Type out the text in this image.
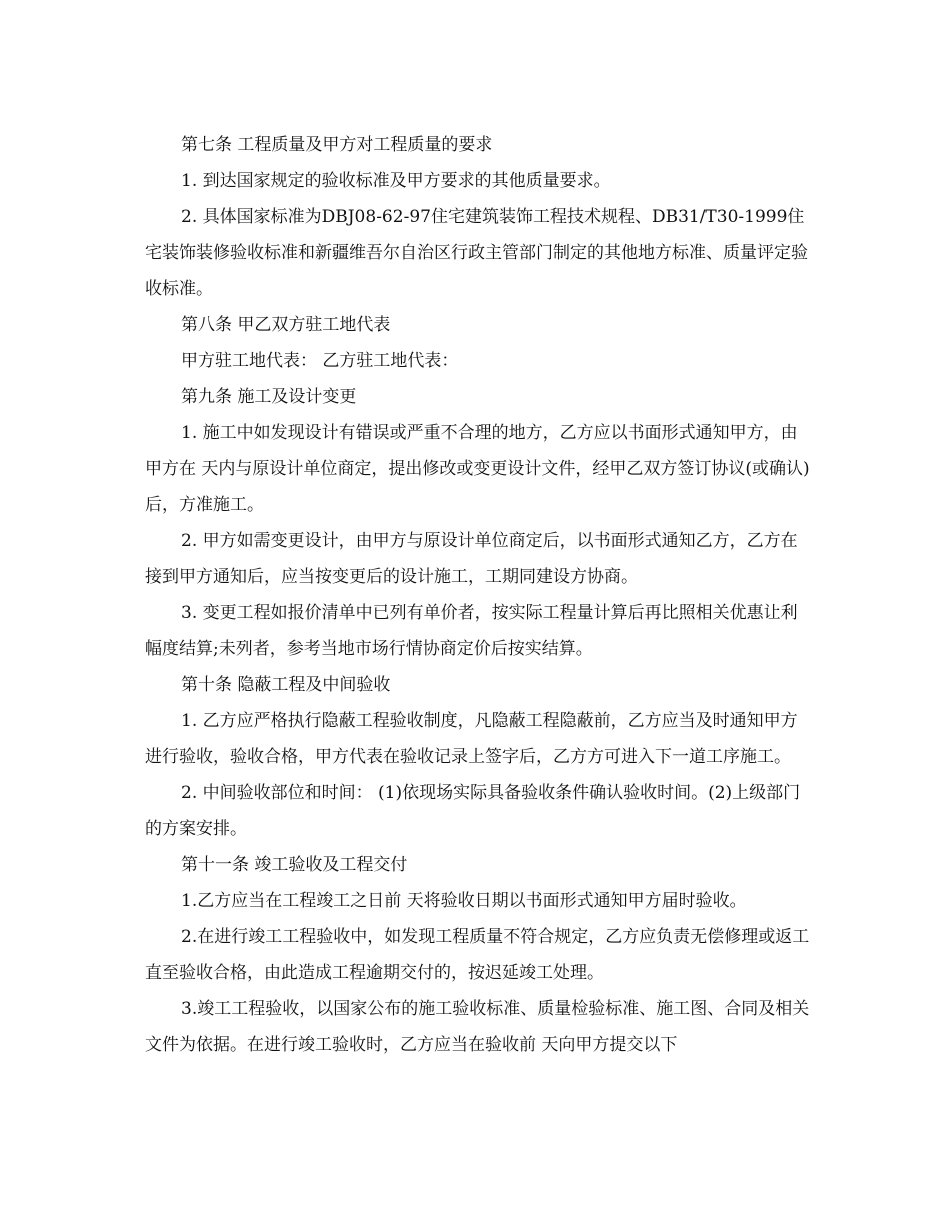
第七条 工程质量及甲方对工程质量的要求

1. 到达国家规定的验收标准及甲方要求的其他质量要求。

2. 具体国家标准为DBJ08-62-97住宅建筑装饰工程技术规程、DB31/T30-1999住宅装饰装修验收标准和新疆维吾尔自治区行政主管部门制定的其他地方标准、质量评定验收标准。

第八条 甲乙双方驻工地代表

甲方驻工地代表： 乙方驻工地代表：

第九条 施工及设计变更

1. 施工中如发现设计有错误或严重不合理的地方，乙方应以书面形式通知甲方，由甲方在 天内与原设计单位商定，提出修改或变更设计文件，经甲乙双方签订协议(或确认)后，方准施工。

2. 甲方如需变更设计，由甲方与原设计单位商定后，以书面形式通知乙方，乙方在接到甲方通知后，应当按变更后的设计施工，工期同建设方协商。

3. 变更工程如报价清单中已列有单价者，按实际工程量计算后再比照相关优惠让利幅度结算;未列者，参考当地市场行情协商定价后按实结算。

第十条 隐蔽工程及中间验收

1. 乙方应严格执行隐蔽工程验收制度，凡隐蔽工程隐蔽前，乙方应当及时通知甲方进行验收，验收合格，甲方代表在验收记录上签字后，乙方方可进入下一道工序施工。

2. 中间验收部位和时间： (1)依现场实际具备验收条件确认验收时间。(2)上级部门的方案安排。

第十一条 竣工验收及工程交付

1.乙方应当在工程竣工之日前 天将验收日期以书面形式通知甲方届时验收。

2.在进行竣工工程验收中，如发现工程质量不符合规定，乙方应负责无偿修理或返工直至验收合格，由此造成工程逾期交付的，按迟延竣工处理。

3.竣工工程验收，以国家公布的施工验收标准、质量检验标准、施工图、合同及相关文件为依据。在进行竣工验收时，乙方应当在验收前 天向甲方提交以下
